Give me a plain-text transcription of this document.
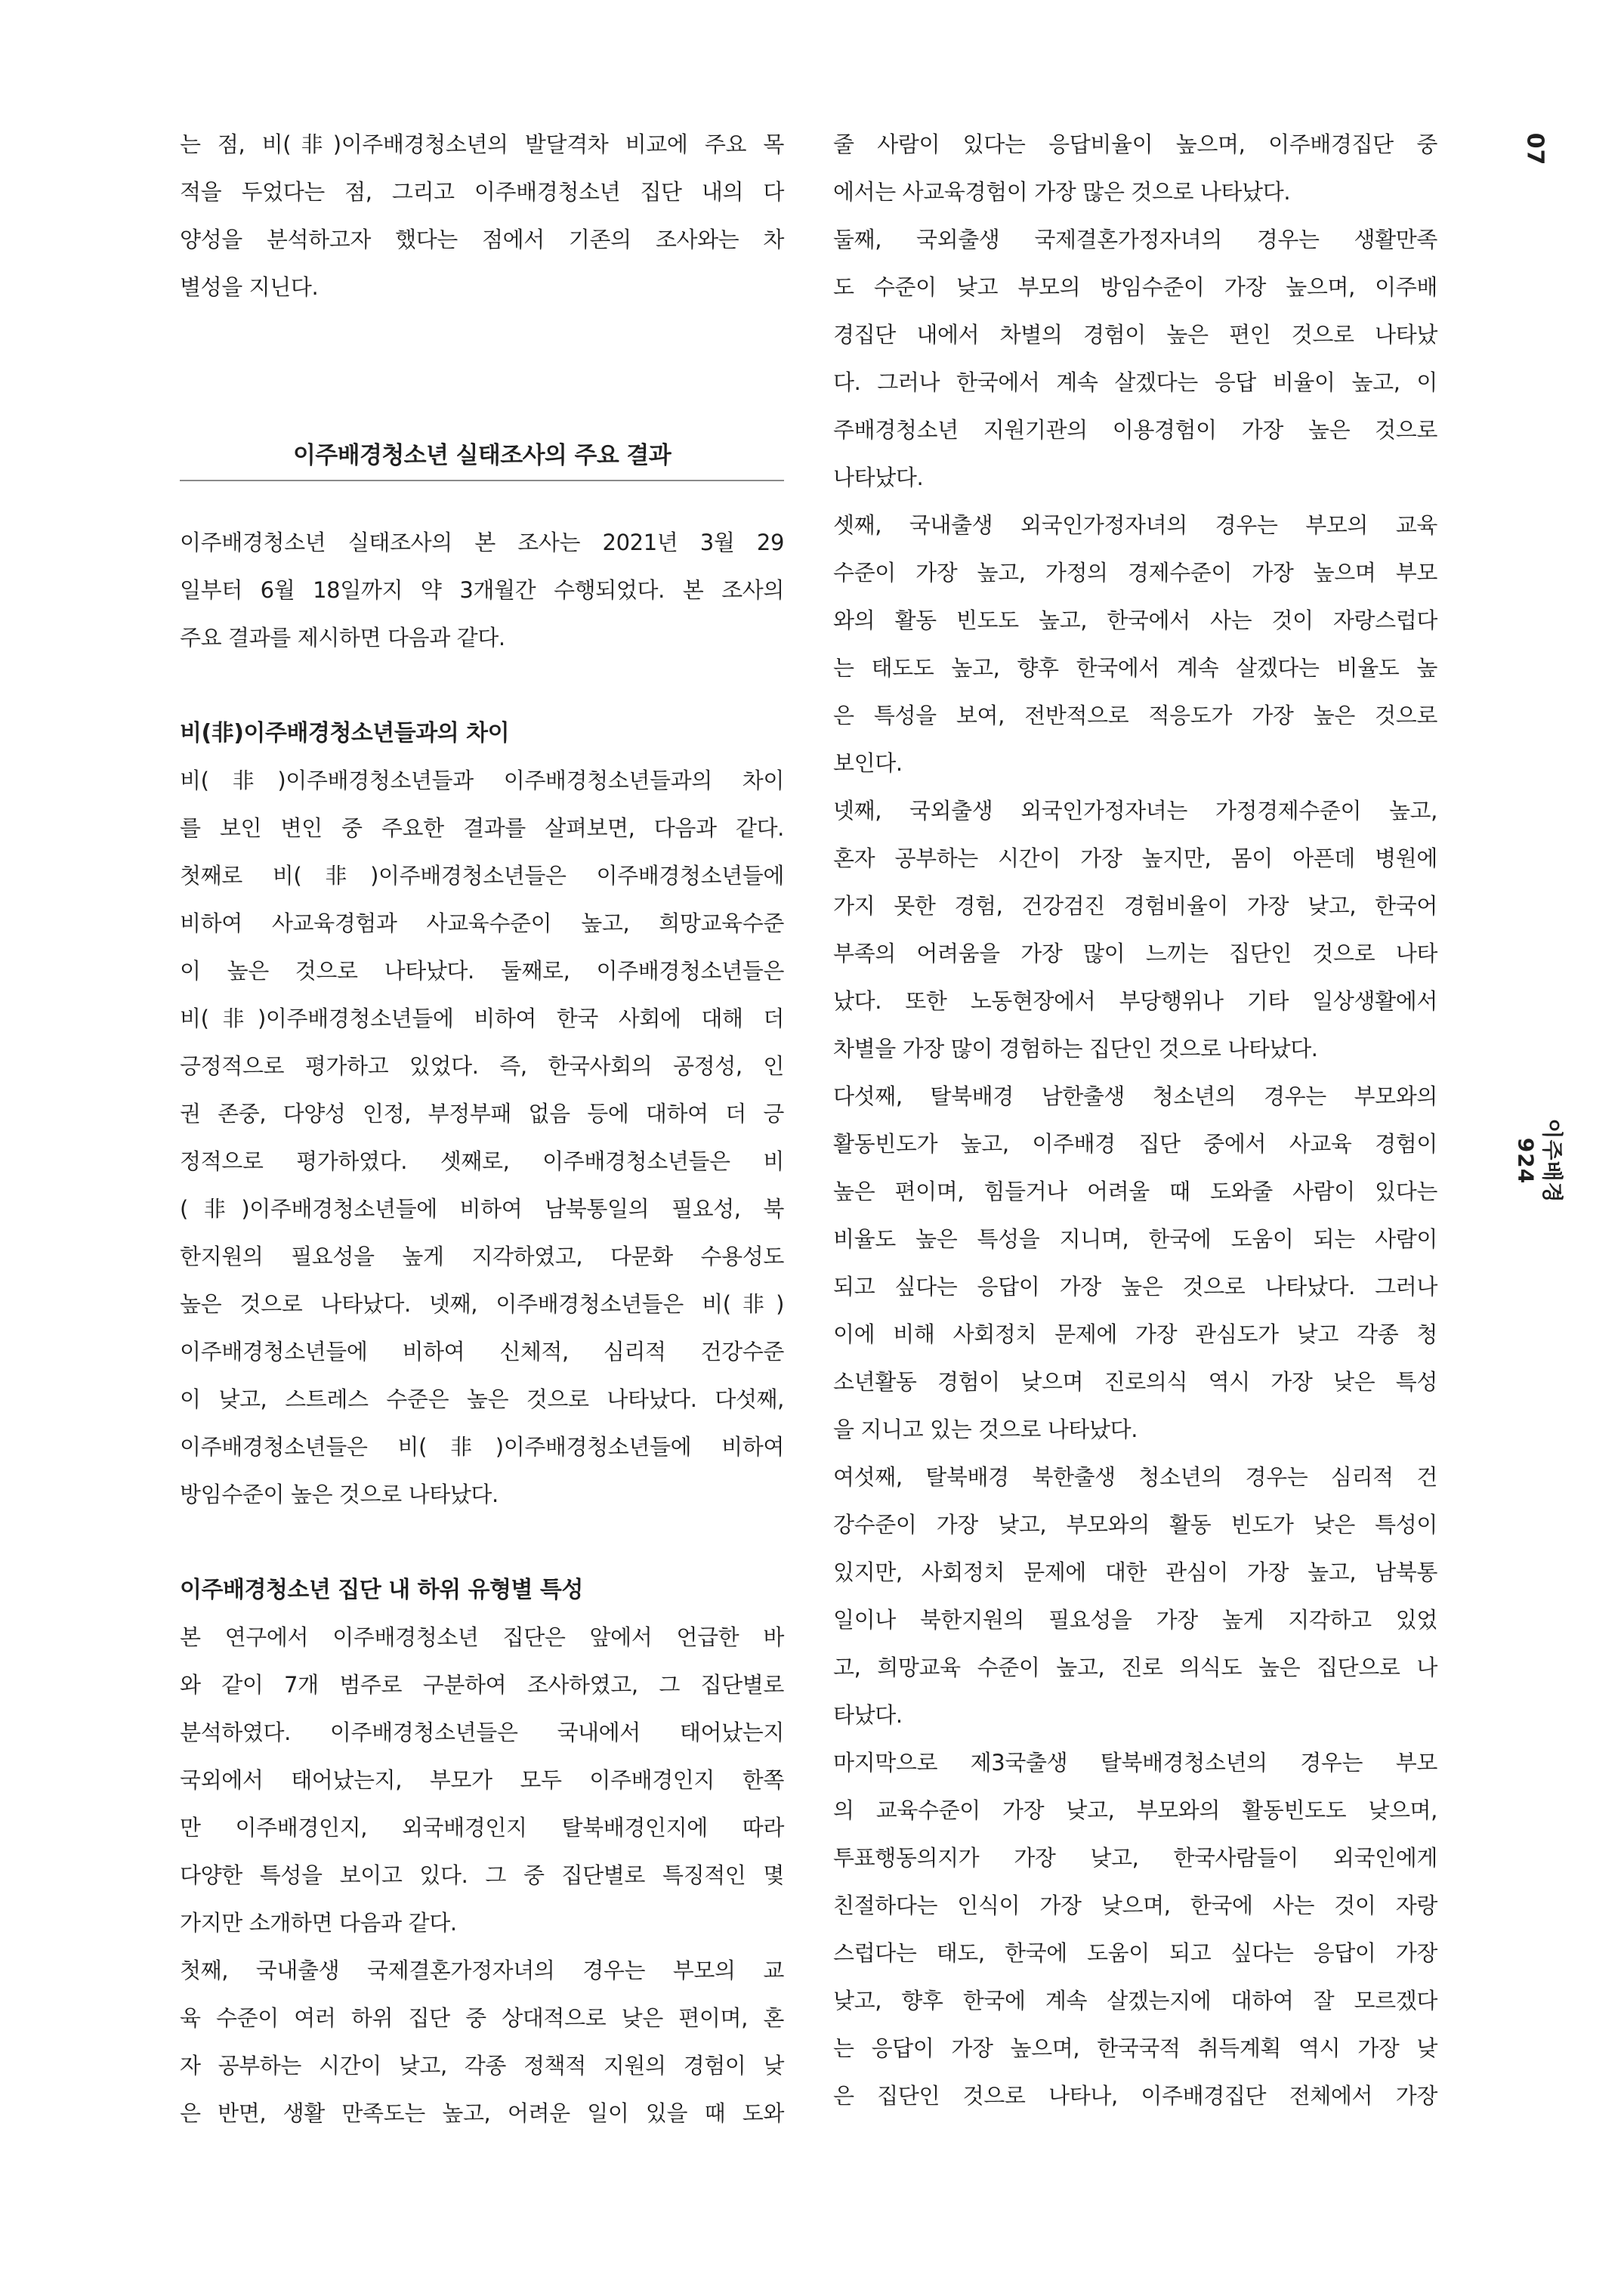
07
이주배경924
는 점, 비(非)이주배경청소년의 발달격차 비교에 주요 목
적을 두었다는 점, 그리고 이주배경청소년 집단 내의 다
양성을 분석하고자 했다는 점에서 기존의 조사와는 차
별성을 지닌다.
이주배경청소년 실태조사의 주요 결과
이주배경청소년 실태조사의 본 조사는 2021년 3월 29
일부터 6월 18일까지 약 3개월간 수행되었다. 본 조사의
주요 결과를 제시하면 다음과 같다.
비(非)이주배경청소년들과의 차이
비(非)이주배경청소년들과 이주배경청소년들과의 차이
를 보인 변인 중 주요한 결과를 살펴보면, 다음과 같다.
첫째로 비(非)이주배경청소년들은 이주배경청소년들에
비하여 사교육경험과 사교육수준이 높고, 희망교육수준
이 높은 것으로 나타났다. 둘째로, 이주배경청소년들은
비(非)이주배경청소년들에 비하여 한국 사회에 대해 더
긍정적으로 평가하고 있었다. 즉, 한국사회의 공정성, 인
권 존중, 다양성 인정, 부정부패 없음 등에 대하여 더 긍
정적으로 평가하였다. 셋째로, 이주배경청소년들은 비
(非)이주배경청소년들에 비하여 남북통일의 필요성, 북
한지원의 필요성을 높게 지각하였고, 다문화 수용성도
높은 것으로 나타났다. 넷째, 이주배경청소년들은 비(非)
이주배경청소년들에 비하여 신체적, 심리적 건강수준
이 낮고, 스트레스 수준은 높은 것으로 나타났다. 다섯째,
이주배경청소년들은 비(非)이주배경청소년들에 비하여
방임수준이 높은 것으로 나타났다.
이주배경청소년 집단 내 하위 유형별 특성
본 연구에서 이주배경청소년 집단은 앞에서 언급한 바
와 같이 7개 범주로 구분하여 조사하였고, 그 집단별로
분석하였다. 이주배경청소년들은 국내에서 태어났는지
국외에서 태어났는지, 부모가 모두 이주배경인지 한쪽
만 이주배경인지, 외국배경인지 탈북배경인지에 따라
다양한 특성을 보이고 있다. 그 중 집단별로 특징적인 몇
가지만 소개하면 다음과 같다.
첫째, 국내출생 국제결혼가정자녀의 경우는 부모의 교
육 수준이 여러 하위 집단 중 상대적으로 낮은 편이며, 혼
자 공부하는 시간이 낮고, 각종 정책적 지원의 경험이 낮
은 반면, 생활 만족도는 높고, 어려운 일이 있을 때 도와
줄 사람이 있다는 응답비율이 높으며, 이주배경집단 중
에서는 사교육경험이 가장 많은 것으로 나타났다.
둘째, 국외출생 국제결혼가정자녀의 경우는 생활만족
도 수준이 낮고 부모의 방임수준이 가장 높으며, 이주배
경집단 내에서 차별의 경험이 높은 편인 것으로 나타났
다. 그러나 한국에서 계속 살겠다는 응답 비율이 높고, 이
주배경청소년 지원기관의 이용경험이 가장 높은 것으로
나타났다.
셋째, 국내출생 외국인가정자녀의 경우는 부모의 교육
수준이 가장 높고, 가정의 경제수준이 가장 높으며 부모
와의 활동 빈도도 높고, 한국에서 사는 것이 자랑스럽다
는 태도도 높고, 향후 한국에서 계속 살겠다는 비율도 높
은 특성을 보여, 전반적으로 적응도가 가장 높은 것으로
보인다.
넷째, 국외출생 외국인가정자녀는 가정경제수준이 높고,
혼자 공부하는 시간이 가장 높지만, 몸이 아픈데 병원에
가지 못한 경험, 건강검진 경험비율이 가장 낮고, 한국어
부족의 어려움을 가장 많이 느끼는 집단인 것으로 나타
났다. 또한 노동현장에서 부당행위나 기타 일상생활에서
차별을 가장 많이 경험하는 집단인 것으로 나타났다.
다섯째, 탈북배경 남한출생 청소년의 경우는 부모와의
활동빈도가 높고, 이주배경 집단 중에서 사교육 경험이
높은 편이며, 힘들거나 어려울 때 도와줄 사람이 있다는
비율도 높은 특성을 지니며, 한국에 도움이 되는 사람이
되고 싶다는 응답이 가장 높은 것으로 나타났다. 그러나
이에 비해 사회정치 문제에 가장 관심도가 낮고 각종 청
소년활동 경험이 낮으며 진로의식 역시 가장 낮은 특성
을 지니고 있는 것으로 나타났다.
여섯째, 탈북배경 북한출생 청소년의 경우는 심리적 건
강수준이 가장 낮고, 부모와의 활동 빈도가 낮은 특성이
있지만, 사회정치 문제에 대한 관심이 가장 높고, 남북통
일이나 북한지원의 필요성을 가장 높게 지각하고 있었
고, 희망교육 수준이 높고, 진로 의식도 높은 집단으로 나
타났다.
마지막으로 제3국출생 탈북배경청소년의 경우는 부모
의 교육수준이 가장 낮고, 부모와의 활동빈도도 낮으며,
투표행동의지가 가장 낮고, 한국사람들이 외국인에게
친절하다는 인식이 가장 낮으며, 한국에 사는 것이 자랑
스럽다는 태도, 한국에 도움이 되고 싶다는 응답이 가장
낮고, 향후 한국에 계속 살겠는지에 대하여 잘 모르겠다
는 응답이 가장 높으며, 한국국적 취득계획 역시 가장 낮
은 집단인 것으로 나타나, 이주배경집단 전체에서 가장
